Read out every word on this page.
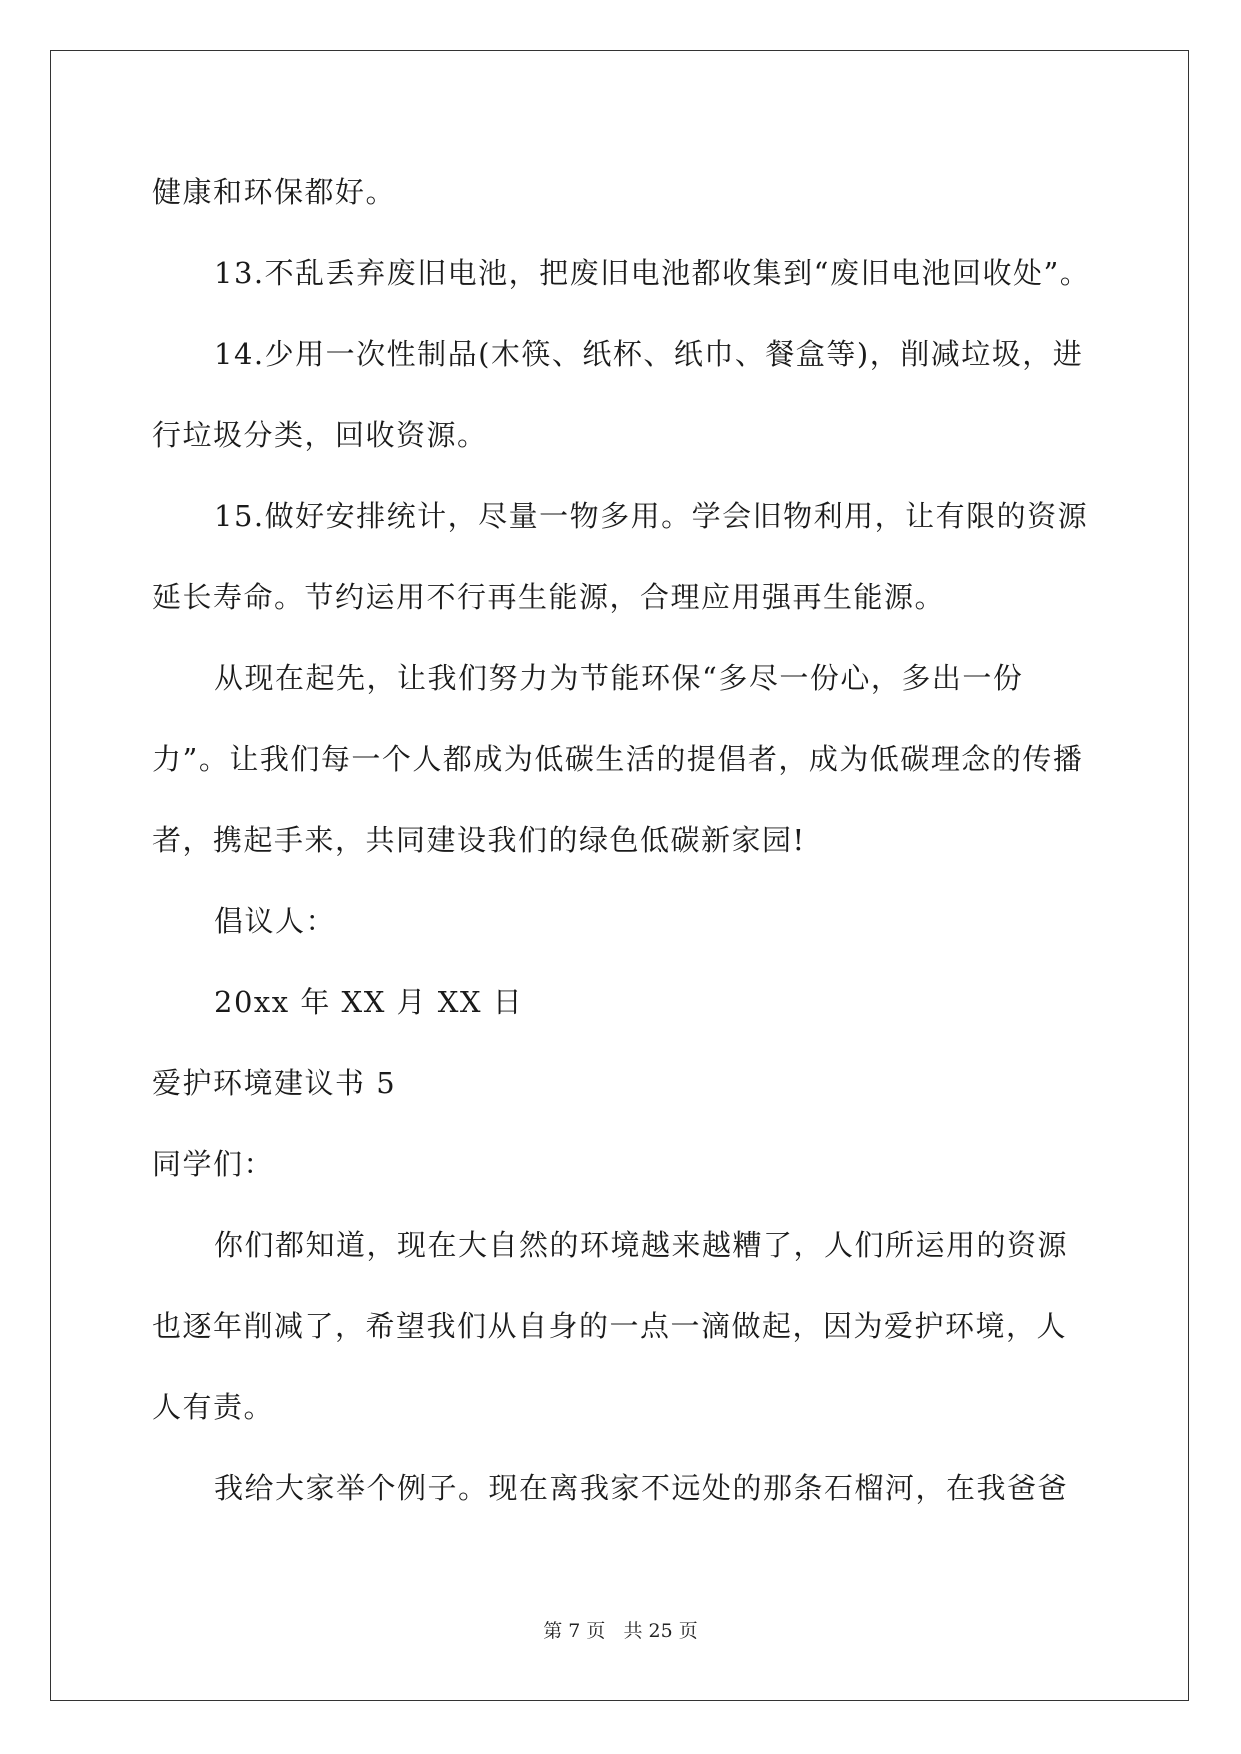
健康和环保都好。
13.不乱丢弃废旧电池，把废旧电池都收集到“废旧电池回收处”。
14.少用一次性制品(木筷、纸杯、纸巾、餐盒等)，削减垃圾，进
行垃圾分类，回收资源。
15.做好安排统计，尽量一物多用。学会旧物利用，让有限的资源
延长寿命。节约运用不行再生能源，合理应用强再生能源。
从现在起先，让我们努力为节能环保“多尽一份心，多出一份
力”。让我们每一个人都成为低碳生活的提倡者，成为低碳理念的传播
者，携起手来，共同建设我们的绿色低碳新家园!
倡议人：
20xx 年 XX 月 XX 日
爱护环境建议书 5
同学们：
你们都知道，现在大自然的环境越来越糟了，人们所运用的资源
也逐年削减了，希望我们从自身的一点一滴做起，因为爱护环境，人
人有责。
我给大家举个例子。现在离我家不远处的那条石榴河，在我爸爸
第 7 页 共 25 页
